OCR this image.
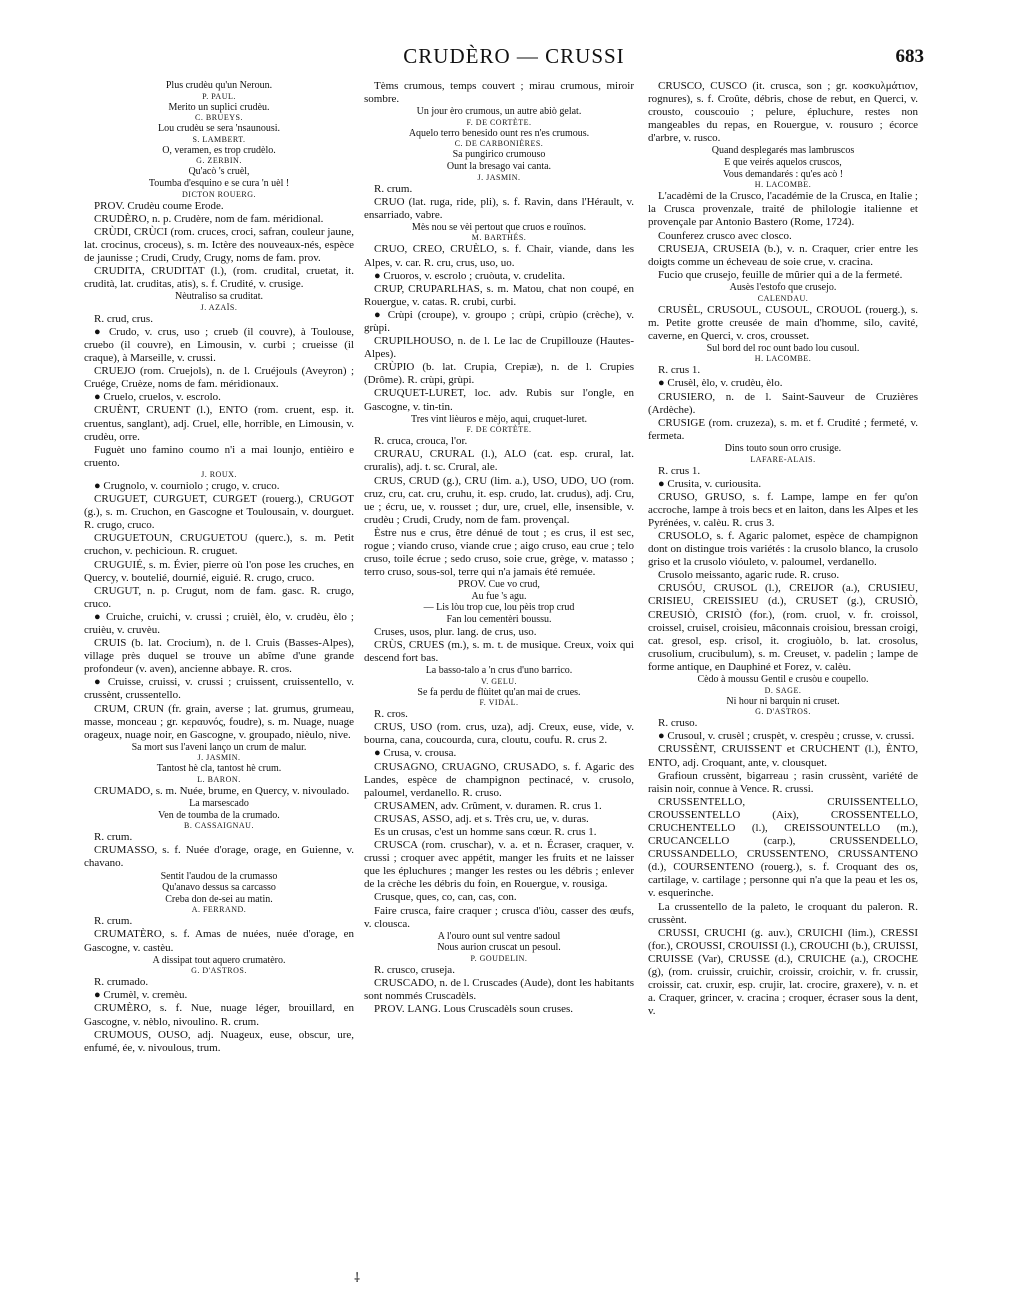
CRUDÈRO — CRUSSI	683

Plus crudèu qu'un Neroun.

P. PAUL.

Merito un suplici crudèu.

C. BRUEYS.

Lou crudèu se sera 'nsaunousi.

S. LAMBERT.

O, veramen, es trop crudèlo.

G. ZERBIN.

Qu'acò 's cruèl,

Toumba d'esquino e se cura 'n uèl !

DICTON ROUERG.

PROV. Crudèu coume Erode.

CRUDÈRO, n. p. Crudère, nom de fam. méridional.

CRÙDI, CRÙCI (rom. cruces, croci, safran, couleur jaune, lat. crocinus, croceus), s. m. Ictère des nouveaux-nés, espèce de jaunisse ; Crudi, Crudy, Crugy, noms de fam. prov.

CRUDITA, CRUDITAT (l.), (rom. crudital, cruetat, it. crudità, lat. cruditas, atis), s. f. Crudité, v. crusige.

Nèutraliso sa cruditat.

J. AZAÏS.

R. crud, crus.

● Crudo, v. crus, uso ; crueb (il couvre), à Toulouse, cruebo (il couvre), en Limousin, v. curbi ; crueisse (il craque), à Marseille, v. crussi.

CRUEJO (rom. Cruejols), n. de l. Cruéjouls (Aveyron) ; Cruége, Cruèze, noms de fam. méridionaux.

● Cruelo, cruelos, v. escrolo.

CRUÈNT, CRUENT (l.), ENTO (rom. cruent, esp. it. cruentus, sanglant), adj. Cruel, elle, horrible, en Limousin, v. crudèu, orre.

Fuguèt uno famino coumo n'i a mai lounjo, entièiro e cruento.

J. ROUX.

● Crugnolo, v. courniolo ; crugo, v. cruco.

CRUGUET, CURGUET, CURGET (rouerg.), CRUGOT (g.), s. m. Cruchon, en Gascogne et Toulousain, v. dourguet. R. crugo, cruco.

CRUGUETOUN, CRUGUETOU (querc.), s. m. Petit cruchon, v. pechicioun. R. cruguet.

CRUGUIÉ, s. m. Évier, pierre où l'on pose les cruches, en Quercy, v. boutelié, dournié, eiguié. R. crugo, cruco.

CRUGUT, n. p. Crugut, nom de fam. gasc. R. crugo, cruco.

● Cruiche, cruichi, v. crussi ; cruièl, èlo, v. crudèu, èlo ; cruièu, v. cruvèu.

CRUIS (b. lat. Crocium), n. de l. Cruis (Basses-Alpes), village près duquel se trouve un abîme d'une grande profondeur (v. aven), ancienne abbaye. R. cros.

● Cruisse, cruissi, v. crussi ; cruissent, cruissentello, v. crussènt, crussentello.

CRUM, CRUN (fr. grain, averse ; lat. grumus, grumeau, masse, monceau ; gr. κεραυνός, foudre), s. m. Nuage, nuage orageux, nuage noir, en Gascogne, v. groupado, nièulo, nive.

Sa mort sus l'aveni lanço un crum de malur.

J. JASMIN.

Tantost hè cla, tantost hè crum.

L. BARON.

CRUMADO, s. m. Nuée, brume, en Quercy, v. nivoulado.

La marsescado

Ven de toumba de la crumado.

B. CASSAIGNAU.

R. crum.

CRUMASSO, s. f. Nuée d'orage, orage, en Guienne, v. chavano.

Sentit l'audou de la crumasso

Qu'anavo dessus sa carcasso

Creba don de-sei au matin.

A. FERRAND.

R. crum.

CRUMATÈRO, s. f. Amas de nuées, nuée d'orage, en Gascogne, v. castèu.

A dissipat tout aquero crumatèro.

G. D'ASTROS.

R. crumado.

● Crumèl, v. cremèu.

CRUMÈRO, s. f. Nue, nuage léger, brouillard, en Gascogne, v. nèblo, nivoulino. R. crum.

CRUMOUS, OUSO, adj. Nuageux, euse, obscur, ure, enfumé, ée, v. nivoulous, trum.

Tèms crumous, temps couvert ; mirau crumous, miroir sombre.

Un jour èro crumous, un autre abiò gelat.

F. DE CORTÈTE.

Aquelo terro benesido ount res n'es crumous.

C. DE CARBONIÈRES.

Sa pungirico crumouso

Ount la bresago vai canta.

J. JASMIN.

R. crum.

CRUO (lat. ruga, ride, pli), s. f. Ravin, dans l'Hérault, v. ensarriado, vabre.

Mès nou se vèi pertout que cruos e rouïnos.

M. BARTHÉS.

CRUO, CREO, CRUÈLO, s. f. Chair, viande, dans les Alpes, v. car. R. cru, crus, uso, uo.

● Cruoros, v. escrolo ; cruòuta, v. crudelita.

CRUP, CRUPARLHAS, s. m. Matou, chat non coupé, en Rouergue, v. catas. R. crubi, curbi.

● Crùpi (croupe), v. groupo ; crùpi, crùpio (crèche), v. grùpi.

CRUPILHOUSO, n. de l. Le lac de Crupillouze (Hautes-Alpes).

CRÙPIO (b. lat. Crupia, Crepiæ), n. de l. Crupies (Drôme). R. crùpi, grùpi.

CRUQUET-LURET, loc. adv. Rubis sur l'ongle, en Gascogne, v. tin-tin.

Tres vint lièuros e mèjo, aqui, cruquet-luret.

F. DE CORTÈTE.

R. cruca, crouca, l'or.

CRURAU, CRURAL (l.), ALO (cat. esp. crural, lat. cruralis), adj. t. sc. Crural, ale.

CRUS, CRUD (g.), CRU (lim. a.), USO, UDO, UO (rom. cruz, cru, cat. cru, cruhu, it. esp. crudo, lat. crudus), adj. Cru, ue ; écru, ue, v. rousset ; dur, ure, cruel, elle, insensible, v. crudèu ; Crudi, Crudy, nom de fam. provençal.

Èstre nus e crus, être dénué de tout ; es crus, il est sec, rogue ; viando cruso, viande crue ; aigo cruso, eau crue ; telo cruso, toile écrue ; sedo cruso, soie crue, grège, v. matasso ; terro cruso, sous-sol, terre qui n'a jamais été remuée.

PROV. Cue vo crud,

Au fue 's agu.

— Lis lòu trop cue, lou pèis trop crud

Fan lou cementèri boussu.

Cruses, usos, plur. lang. de crus, uso.

CRÙS, CRUES (m.), s. m. t. de musique. Creux, voix qui descend fort bas.

La basso-talo a 'n crus d'uno barrico.

V. GELU.

Se fa perdu de flùitet qu'an mai de crues.

F. VIDAL.

R. cros.

CRUS, USO (rom. crus, uza), adj. Creux, euse, vide, v. bourna, cana, coucourda, cura, cloutu, coufu. R. crus 2.

● Crusa, v. crousa.

CRUSAGNO, CRUAGNO, CRUSADO, s. f. Agaric des Landes, espèce de champignon pectinacé, v. crusolo, paloumel, verdanello. R. cruso.

CRUSAMEN, adv. Crûment, v. duramen. R. crus 1.

CRUSAS, ASSO, adj. et s. Très cru, ue, v. duras.

Es un crusas, c'est un homme sans cœur. R. crus 1.

CRUSCA (rom. cruschar), v. a. et n. Écraser, craquer, v. crussi ; croquer avec appétit, manger les fruits et ne laisser que les épluchures ; manger les restes ou les débris ; enlever de la crèche les débris du foin, en Rouergue, v. rousiga.

Crusque, ques, co, can, cas, con.

Faire crusca, faire craquer ; crusca d'iòu, casser des œufs, v. clousca.

A l'ouro ount sul ventre sadoul

Nous aurion cruscat un pesoul.

P. GOUDELIN.

R. crusco, cruseja.

CRUSCADO, n. de l. Cruscades (Aude), dont les habitants sont nommés Cruscadèls.

PROV. LANG. Lous Cruscadèls soun cruses.

CRUSCO, CUSCO (it. crusca, son ; gr. κοσκυλμάτιον, rognures), s. f. Croûte, débris, chose de rebut, en Querci, v. crousto, couscouio ; pelure, épluchure, restes non mangeables du repas, en Rouergue, v. rousuro ; écorce d'arbre, v. rusco.

Quand desplegarés mas lambruscos

E que veirés aquelos cruscos,

Vous demandarés : qu'es acò !

H. LACOMBE.

L'acadèmi de la Crusco, l'académie de la Crusca, en Italie ; la Crusca provenzale, traité de philologie italienne et provençale par Antonio Bastero (Rome, 1724).

Counferez crusco avec closco.

CRUSEJA, CRUSEIA (b.), v. n. Craquer, crier entre les doigts comme un écheveau de soie crue, v. cracina.

Fucio que crusejo, feuille de mûrier qui a de la fermeté.

Ausès l'estofo que crusejo.

CALENDAU.

CRUSÈL, CRUSOUL, CUSOUL, CROUOL (rouerg.), s. m. Petite grotte creusée de main d'homme, silo, cavité, caverne, en Querci, v. cros, crousset.

Sul bord del roc ount bado lou cusoul.

H. LACOMBE.

R. crus 1.

● Crusèl, èlo, v. crudèu, èlo.

CRUSIERO, n. de l. Saint-Sauveur de Cruzières (Ardèche).

CRUSIGE (rom. cruzeza), s. m. et f. Crudité ; fermeté, v. fermeta.

Dins touto soun orro crusige.

LAFARE-ALAIS.

R. crus 1.

● Crusita, v. curiousita.

CRUSO, GRUSO, s. f. Lampe, lampe en fer qu'on accroche, lampe à trois becs et en laiton, dans les Alpes et les Pyrénées, v. calèu. R. crus 3.

CRUSOLO, s. f. Agaric palomet, espèce de champignon dont on distingue trois variétés : la crusolo blanco, la crusolo griso et la crusolo vióuleto, v. paloumel, verdanello.

Crusolo meissanto, agaric rude. R. cruso.

CRUSÓU, CRUSOL (l.), CREIJOR (a.), CRUSIEU, CRISIEU, CREISSIEU (d.), CRUSET (g.), CRUSIÒ, CREUSIÒ, CRISIÒ (for.), (rom. cruol, v. fr. croissol, croissel, cruisel, croisieu, mâconnais croisiou, bressan croigi, cat. gresol, esp. crisol, it. crogiuòlo, b. lat. crosolus, crusolium, crucibulum), s. m. Creuset, v. padelin ; lampe de forme antique, en Dauphiné et Forez, v. calèu.

Cèdo à moussu Gentil e crusòu e coupello.

D. SAGE.

Ni hour ni barquin ni cruset.

G. D'ASTROS.

R. cruso.

● Crusoul, v. crusèl ; cruspèt, v. crespèu ; crusse, v. crussi.

CRUSSÈNT, CRUISSENT et CRUCHENT (l.), ÈNTO, ENTO, adj. Croquant, ante, v. clousquet.

Grafioun crussènt, bigarreau ; rasin crussènt, variété de raisin noir, connue à Vence. R. crussi.

CRUSSENTELLO, CRUISSENTELLO, CROUSSENTELLO (Aix), CROSSENTELLO, CRUCHENTELLO (l.), CREISSOUNTELLO (m.), CRUCANCELLO (carp.), CRUSSENDELLO, CRUSSANDELLO, CRUSSENTENO, CRUSSANTENO (d.), COURSENTENO (rouerg.), s. f. Croquant des os, cartilage, v. cartilage ; personne qui n'a que la peau et les os, v. esquerinche.

La crussentello de la paleto, le croquant du paleron. R. crussènt.

CRUSSI, CRUCHI (g. auv.), CRUICHI (lim.), CRESSI (for.), CROUSSI, CROUISSI (l.), CROUCHI (b.), CRUISSI, CRUISSE (Var), CRUSSE (d.), CRUICHE (a.), CROCHE (g), (rom. cruissir, cruichir, croissir, croichir, v. fr. crussir, croissir, cat. cruxir, esp. crujir, lat. crocire, graxere), v. n. et a. Craquer, grincer, v. cracina ; croquer, écraser sous la dent, v.

⸸
